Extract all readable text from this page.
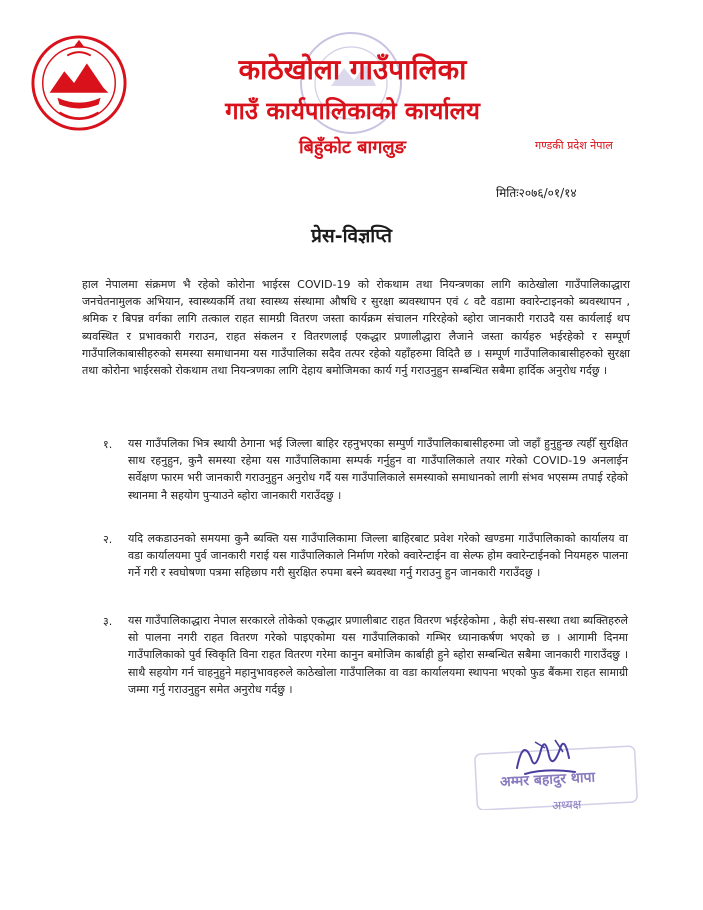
काठेखोला गाउँपालिका
गाउँ कार्यपालिकाको कार्यालय
बिहुँकोट बागलुङ	गण्डकी प्रदेश नेपाल
मितिः२०७६/०१/१४
प्रेस-विज्ञप्ति
हाल नेपालमा संक्रमण भै रहेको कोरोना भाईरस COVID-19 को रोकथाम तथा नियन्त्रणका लागि काठेखोला गाउँपालिकाद्धारा जनचेतनामुलक अभियान, स्वास्थ्यकर्मि तथा स्वास्थ्य संस्थामा औषधि र सुरक्षा ब्यवस्थापन एवं ८ वटै वडामा क्वारेन्टाइनको ब्यवस्थापन , श्रमिक र बिपन्न वर्गका लागि तत्काल राहत सामग्री वितरण जस्ता कार्यक्रम संचालन गरिरहेको ब्होरा जानकारी गराउदै यस कार्यलाई थप ब्यवस्थित र प्रभावकारी गराउन, राहत संकलन र वितरणलाई एकद्धार प्रणालीद्धारा लैजाने जस्ता कार्यहरु भईरहेको र सम्पूर्ण गाउँपालिकाबासीहरुको समस्या समाधानमा यस गाउँपालिका सदैव तत्पर रहेको यहाँहरुमा विदितै छ । सम्पूर्ण गाउँपालिकाबासीहरुको सुरक्षा तथा कोरोना भाईरसको रोकथाम तथा नियन्त्रणका लागि देहाय बमोजिमका कार्य गर्नु गराउनुहुन सम्बन्धित सबैमा हार्दिक अनुरोध गर्दछु ।
१. यस गाउँपलिका भित्र स्थायी ठेगाना भई जिल्ला बाहिर रहनुभएका सम्पुर्ण गाउँपालिकाबासीहरुमा जो जहाँ हुनुहुन्छ त्यहीँ सुरक्षित साथ रहनुहुन, कुनै समस्या रहेमा यस गाउँपालिकामा सम्पर्क गर्नुहुन वा गाउँपालिकाले तयार गरेको COVID-19 अनलाईन सर्वेक्षण फारम भरी जानकारी गराउनुहुन अनुरोध गर्दै यस गाउँपालिकाले समस्याको समाधानको लागी संभव भएसम्म तपाई रहेको स्थानमा नै सहयोग पुर्‍याउने ब्होरा जानकारी गराउँदछु ।
२. यदि लकडाउनको समयमा कुनै ब्यक्ति यस गाउँपालिकामा जिल्ला बाहिरबाट प्रवेश गरेको खण्डमा गाउँपालिकाको कार्यालय वा वडा कार्यालयमा पुर्व जानकारी गराई यस गाउँपालिकाले निर्माण गरेको क्वारेन्टाईन वा सेल्फ होम क्वारेन्टाईनको नियमहरु पालना गर्ने गरी र स्वघोषणा पत्रमा सहिछाप गरी सुरक्षित रुपमा बस्ने ब्यवस्था गर्नु गराउनु हुन जानकारी गराउँदछु ।
३. यस गाउँपालिकाद्धारा नेपाल सरकारले तोकेको एकद्धार प्रणालीबाट राहत वितरण भईरहेकोमा , केही संघ-सस्था तथा ब्यक्तिहरुले सो पालना नगरी राहत वितरण गरेको पाइएकोमा यस गाउँपालिकाको गम्भिर ध्यानाकर्षण भएको छ । आगामी दिनमा गाउँपालिकाको पुर्व स्विकृति विना राहत वितरण गरेमा कानुन बमोजिम कार्बाही हुने ब्होरा सम्बन्धित सबैमा जानकारी गाराउँदछु । साथै सहयोग गर्न चाहनुहुने महानुभावहरुले काठेखोला गाउँपालिका वा वडा कार्यालयमा स्थापना भएको फुड बैंकमा राहत सामाग्री जम्मा गर्नु गराउनुहुन समेत अनुरोध गर्दछु ।
अम्मर बहादुर थापा
अध्यक्ष
